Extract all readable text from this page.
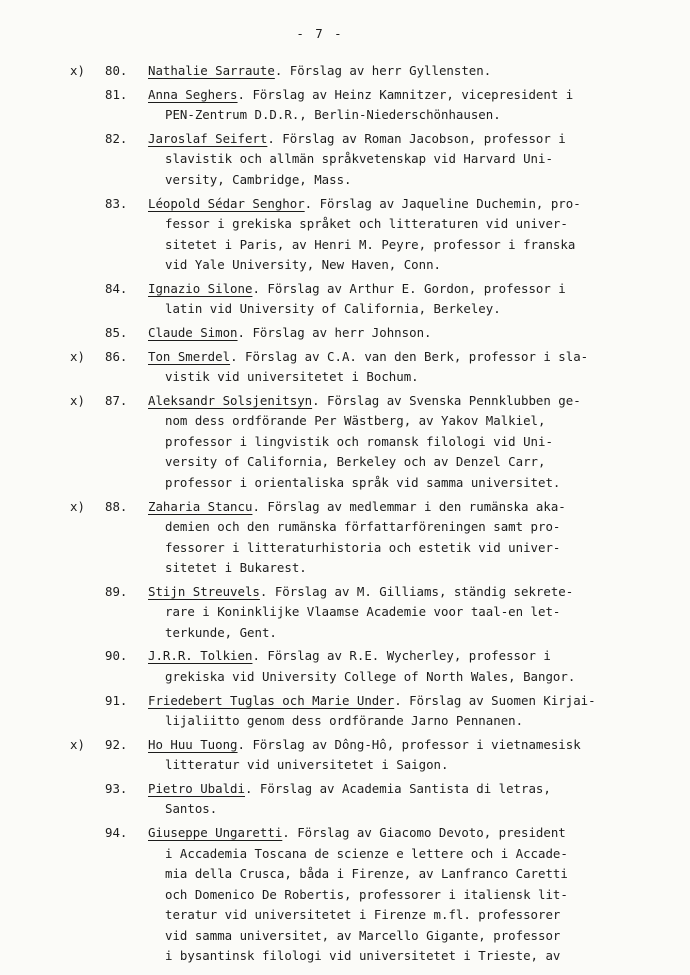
- 7 -
x) 80. Nathalie Sarraute. Förslag av herr Gyllensten.
81. Anna Seghers. Förslag av Heinz Kamnitzer, vicepresident i
PEN-Zentrum D.D.R., Berlin-Niederschönhausen.
82. Jaroslaf Seifert. Förslag av Roman Jacobson, professor i
slavistik och allmän språkvetenskap vid Harvard Uni-
versity, Cambridge, Mass.
83. Léopold Sédar Senghor. Förslag av Jaqueline Duchemin, pro-
fessor i grekiska språket och litteraturen vid univer-
sitetet i Paris, av Henri M. Peyre, professor i franska
vid Yale University, New Haven, Conn.
84. Ignazio Silone. Förslag av Arthur E. Gordon, professor i
latin vid University of California, Berkeley.
85. Claude Simon. Förslag av herr Johnson.
x) 86. Ton Smerdel. Förslag av C.A. van den Berk, professor i sla-
vistik vid universitetet i Bochum.
x) 87. Aleksandr Solsjenitsyn. Förslag av Svenska Pennklubben ge-
nom dess ordförande Per Wästberg, av Yakov Malkiel,
professor i lingvistik och romansk filologi vid Uni-
versity of California, Berkeley och av Denzel Carr,
professor i orientaliska språk vid samma universitet.
x) 88. Zaharia Stancu. Förslag av medlemmar i den rumänska aka-
demien och den rumänska författarföreningen samt pro-
fessorer i litteraturhistoria och estetik vid univer-
sitetet i Bukarest.
89. Stijn Streuvels. Förslag av M. Gilliams, ständig sekrete-
rare i Koninklijke Vlaamse Academie voor taal-en let-
terkunde, Gent.
90. J.R.R. Tolkien. Förslag av R.E. Wycherley, professor i
grekiska vid University College of North Wales, Bangor.
91. Friedebert Tuglas och Marie Under. Förslag av Suomen Kirjai-
lijaliitto genom dess ordförande Jarno Pennanen.
x) 92. Ho Huu Tuong. Förslag av Dông-Hô, professor i vietnamesisk
litteratur vid universitetet i Saigon.
93. Pietro Ubaldi. Förslag av Academia Santista di letras,
Santos.
94. Giuseppe Ungaretti. Förslag av Giacomo Devoto, president
i Accademia Toscana de scienze e lettere och i Accade-
mia della Crusca, båda i Firenze, av Lanfranco Caretti
och Domenico De Robertis, professorer i italiensk lit-
teratur vid universitetet i Firenze m.fl. professorer
vid samma universitet, av Marcello Gigante, professor
i bysantinsk filologi vid universitetet i Trieste, av
